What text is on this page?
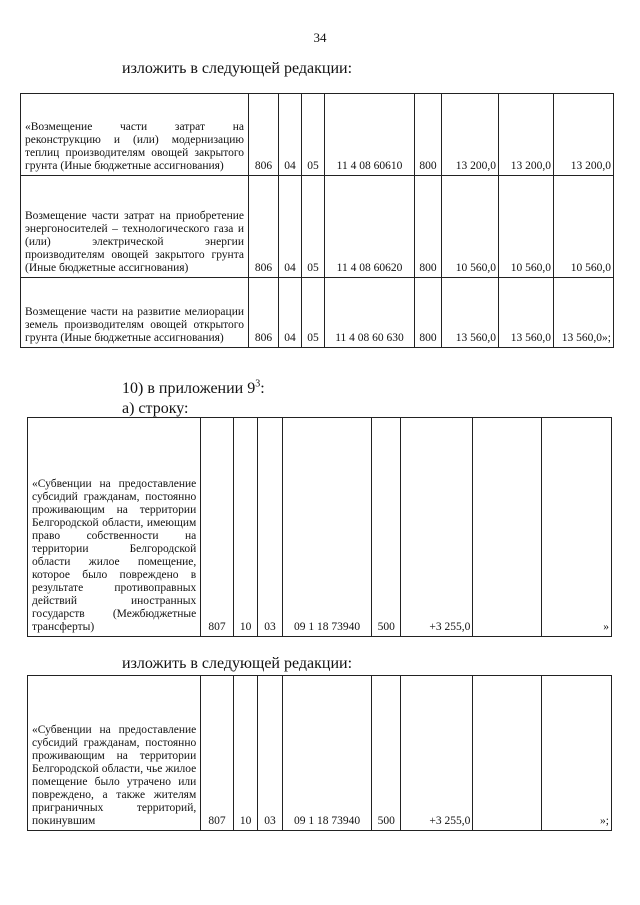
34
изложить в следующей редакции:
«Возмещение части затрат на реконструкцию и (или) модернизацию теплиц производителям овощей закрытого грунта (Иные бюджетные ассигнования)	806	04	05	11 4 08 60610	800	13 200,0	13 200,0	13 200,0
Возмещение части затрат на приобретение энергоносителей – технологического газа и (или) электрической энергии производителям овощей закрытого грунта (Иные бюджетные ассигнования)	806	04	05	11 4 08 60620	800	10 560,0	10 560,0	10 560,0
Возмещение части на развитие мелиорации земель производителям овощей открытого грунта (Иные бюджетные ассигнования)	806	04	05	11 4 08 60 630	800	13 560,0	13 560,0	13 560,0»;
10) в приложении $9^3$:
а) строку:
«Субвенции на предоставление субсидий гражданам, постоянно проживающим на территории Белгородской области, имеющим право собственности на территории Белгородской области жилое помещение, которое было повреждено в результате противоправных действий иностранных государств (Межбюджетные трансферты)	807	10	03	09 1 18 73940	500	+3 255,0		»
изложить в следующей редакции:
«Субвенции на предоставление субсидий гражданам, постоянно проживающим на территории Белгородской области, чье жилое помещение было утрачено или повреждено, а также жителям приграничных территорий, покинувшим	807	10	03	09 1 18 73940	500	+3 255,0		»;
